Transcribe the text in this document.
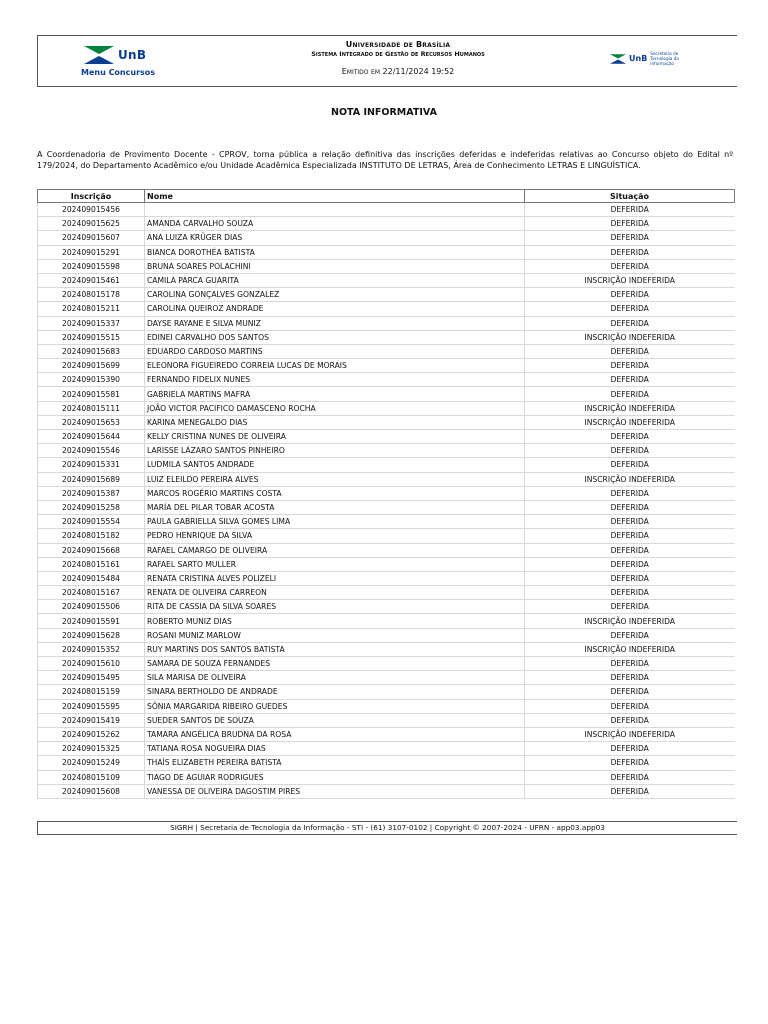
UnB
Menu Concursos
Universidade de Brasília
Sistema Integrado de Gestão de Recursos Humanos
Emitido em 22/11/2024 19:52
UnB
Secretaria de Tecnologia da Informação
NOTA INFORMATIVA
A Coordenadoria de Provimento Docente - CPROV, torna pública a relação definitiva das inscrições deferidas e indeferidas relativas ao Concurso objeto do Edital nº 179/2024, do Departamento Acadêmico e/ou Unidade Acadêmica Especializada INSTITUTO DE LETRAS, Área de Conhecimento LETRAS E LINGUÍSTICA.
Inscrição	Nome	Situação
202409015456		DEFERIDA
202409015625	AMANDA CARVALHO SOUZA	DEFERIDA
202409015607	ANA LUIZA KRÜGER DIAS	DEFERIDA
202409015291	BIANCA DOROTHÉA BATISTA	DEFERIDA
202409015598	BRUNA SOARES POLACHINI	DEFERIDA
202409015461	CAMILA PARCA GUARITA	INSCRIÇÃO INDEFERIDA
202408015178	CAROLINA GONÇALVES GONZALEZ	DEFERIDA
202408015211	CAROLINA QUEIROZ ANDRADE	DEFERIDA
202409015337	DAYSE RAYANE E SILVA MUNIZ	DEFERIDA
202409015515	EDINEI CARVALHO DOS SANTOS	INSCRIÇÃO INDEFERIDA
202409015683	EDUARDO CARDOSO MARTINS	DEFERIDA
202409015699	ELEONORA FIGUEIREDO CORREIA LUCAS DE MORAIS	DEFERIDA
202409015390	FERNANDO FIDELIX NUNES	DEFERIDA
202409015581	GABRIELA MARTINS MAFRA	DEFERIDA
202408015111	JOÃO VICTOR PACIFICO DAMASCENO ROCHA	INSCRIÇÃO INDEFERIDA
202409015653	KARINA MENEGALDO DIAS	INSCRIÇÃO INDEFERIDA
202409015644	KELLY CRISTINA NUNES DE OLIVEIRA	DEFERIDA
202409015546	LARISSE LÁZARO SANTOS PINHEIRO	DEFERIDA
202409015331	LUDMILA SANTOS ANDRADE	DEFERIDA
202409015689	LUIZ ELEILDO PEREIRA ALVES	INSCRIÇÃO INDEFERIDA
202409015387	MARCOS ROGÉRIO MARTINS COSTA	DEFERIDA
202409015258	MARÍA DEL PILAR TOBAR ACOSTA	DEFERIDA
202409015554	PAULA GABRIELLA SILVA GOMES LIMA	DEFERIDA
202408015182	PEDRO HENRIQUE DA SILVA	DEFERIDA
202409015668	RAFAEL CAMARGO DE OLIVEIRA	DEFERIDA
202408015161	RAFAEL SARTO MULLER	DEFERIDA
202409015484	RENATA CRISTINA ALVES POLIZELI	DEFERIDA
202408015167	RENATA DE OLIVEIRA CARREON	DEFERIDA
202409015506	RITA DE CASSIA DA SILVA SOARES	DEFERIDA
202409015591	ROBERTO MUNIZ DIAS	INSCRIÇÃO INDEFERIDA
202409015628	ROSANI MUNIZ MARLOW	DEFERIDA
202409015352	RUY MARTINS DOS SANTOS BATISTA	INSCRIÇÃO INDEFERIDA
202409015610	SAMARA DE SOUZA FERNANDES	DEFERIDA
202409015495	SILA MARISA DE OLIVEIRA	DEFERIDA
202408015159	SINARA BERTHOLDO DE ANDRADE	DEFERIDA
202409015595	SÔNIA MARGARIDA RIBEIRO GUEDES	DEFERIDA
202409015419	SUEDER SANTOS DE SOUZA	DEFERIDA
202409015262	TAMARA ANGÉLICA BRUDNA DA ROSA	INSCRIÇÃO INDEFERIDA
202409015325	TATIANA ROSA NOGUEIRA DIAS	DEFERIDA
202409015249	THAÍS ELIZABETH PEREIRA BATISTA	DEFERIDA
202408015109	TIAGO DE AGUIAR RODRIGUES	DEFERIDA
202409015608	VANESSA DE OLIVEIRA DAGOSTIM PIRES	DEFERIDA
SIGRH | Secretaria de Tecnologia da Informação - STI - (61) 3107-0102 | Copyright © 2007-2024 - UFRN - app03.app03
